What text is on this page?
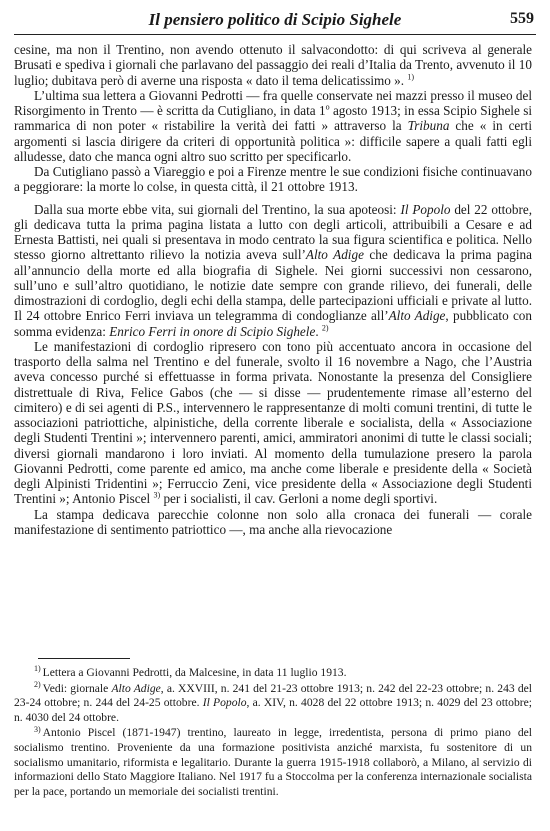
Il pensiero politico di Scipio Sighele	559

cesine, ma non il Trentino, non avendo ottenuto il salvacondotto: di qui scriveva al generale Brusati e spediva i giornali che parlavano del passaggio dei reali d’Italia da Trento, avvenuto il 10 luglio; dubitava però di averne una risposta « dato il tema delicatissimo ». $^{1)}$

L’ultima sua lettera a Giovanni Pedrotti — fra quelle conservate nei mazzi presso il museo del Risorgimento in Trento — è scritta da Cutigliano, in data 1$^o$ agosto 1913; in essa Scipio Sighele si rammarica di non poter « ristabilire la verità dei fatti » attraverso la Tribuna che « in certi argomenti si lascia dirigere da criteri di opportunità politica »: difficile sapere a quali fatti egli alludesse, dato che manca ogni altro suo scritto per specificarlo.

Da Cutigliano passò a Viareggio e poi a Firenze mentre le sue condizioni fisiche continuavano a peggiorare: la morte lo colse, in questa città, il 21 ottobre 1913.

Dalla sua morte ebbe vita, sui giornali del Trentino, la sua apoteosi: Il Popolo del 22 ottobre, gli dedicava tutta la prima pagina listata a lutto con degli articoli, attribuibili a Cesare e ad Ernesta Battisti, nei quali si presentava in modo centrato la sua figura scientifica e politica. Nello stesso giorno altrettanto rilievo la notizia aveva sull’Alto Adige che dedicava la prima pagina all’annuncio della morte ed alla biografia di Sighele. Nei giorni successivi non cessarono, sull’uno e sull’altro quotidiano, le notizie date sempre con grande rilievo, dei funerali, delle dimostrazioni di cordoglio, degli echi della stampa, delle partecipazioni ufficiali e private al lutto. Il 24 ottobre Enrico Ferri inviava un telegramma di condoglianze all’Alto Adige, pubblicato con somma evidenza: Enrico Ferri in onore di Scipio Sighele. $^{2)}$

Le manifestazioni di cordoglio ripresero con tono più accentuato ancora in occasione del trasporto della salma nel Trentino e del funerale, svolto il 16 novembre a Nago, che l’Austria aveva concesso purché si effettuasse in forma privata. Nonostante la presenza del Consigliere distrettuale di Riva, Felice Gabos (che — si disse — prudentemente rimase all’esterno del cimitero) e di sei agenti di P.S., intervennero le rappresentanze di molti comuni trentini, di tutte le associazioni patriottiche, alpinistiche, della corrente liberale e socialista, della « Associazione degli Studenti Trentini »; intervennero parenti, amici, ammiratori anonimi di tutte le classi sociali; diversi giornali mandarono i loro inviati. Al momento della tumulazione presero la parola Giovanni Pedrotti, come parente ed amico, ma anche come liberale e presidente della « Società degli Alpinisti Tridentini »; Ferruccio Zeni, vice presidente della « Associazione degli Studenti Trentini »; Antonio Piscel $^{3)}$ per i socialisti, il cav. Gerloni a nome degli sportivi.

La stampa dedicava parecchie colonne non solo alla cronaca dei funerali — corale manifestazione di sentimento patriottico —, ma anche alla rievocazione

$^{1)}$ Lettera a Giovanni Pedrotti, da Malcesine, in data 11 luglio 1913.

$^{2)}$ Vedi: giornale Alto Adige, a. XXVIII, n. 241 del 21-23 ottobre 1913; n. 242 del 22-23 ottobre; n. 243 del 23-24 ottobre; n. 244 del 24-25 ottobre. Il Popolo, a. XIV, n. 4028 del 22 ottobre 1913; n. 4029 del 23 ottobre; n. 4030 del 24 ottobre.

$^{3)}$ Antonio Piscel (1871-1947) trentino, laureato in legge, irredentista, persona di primo piano del socialismo trentino. Proveniente da una formazione positivista anziché marxista, fu sostenitore di un socialismo umanitario, riformista e legalitario. Durante la guerra 1915-1918 collaborò, a Milano, al servizio di informazioni dello Stato Maggiore Italiano. Nel 1917 fu a Stoccolma per la conferenza internazionale socialista per la pace, portando un memoriale dei socialisti trentini.
